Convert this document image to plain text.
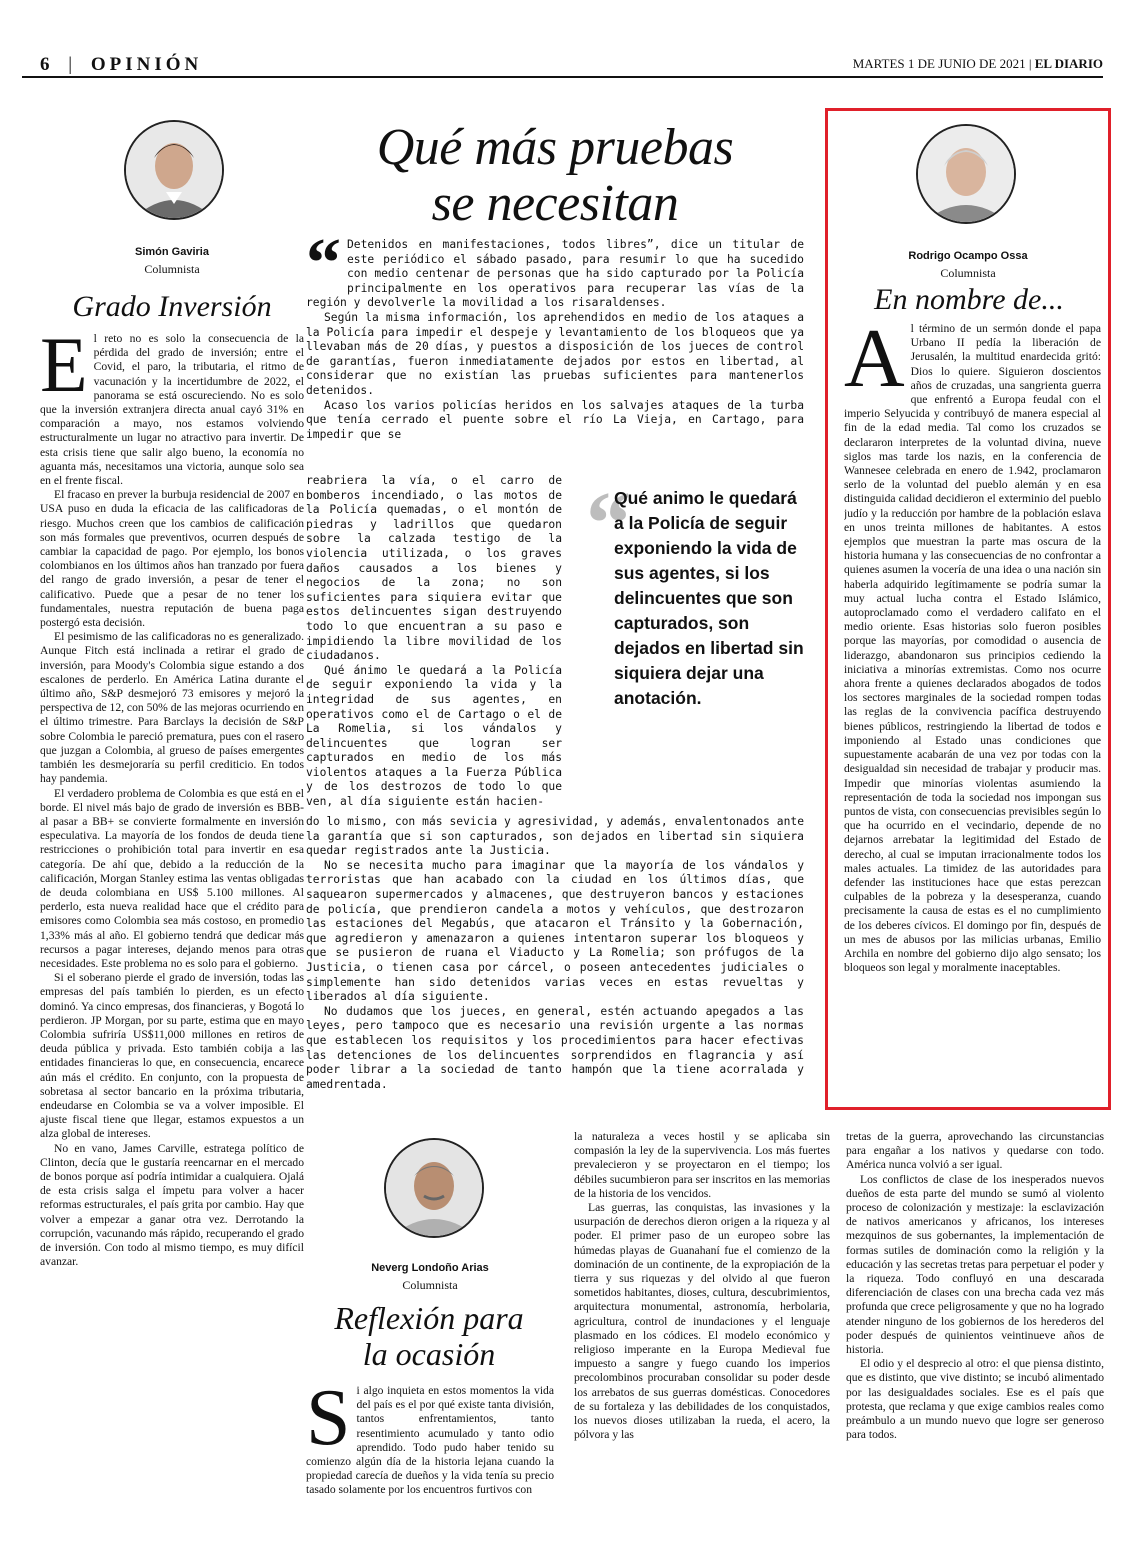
6 | OPINIÓN	MARTES 1 DE JUNIO DE 2021 | EL DIARIO
Simón Gaviria
Columnista
Grado Inversión

El reto no es solo la consecuencia de la pérdida del grado de inversión; entre el Covid, el paro, la tributaria, el ritmo de vacunación y la incertidumbre de 2022, el panorama se está oscureciendo. No es solo que la inversión extranjera directa anual cayó 31% en comparación a mayo, nos estamos volviendo estructuralmente un lugar no atractivo para invertir. De esta crisis tiene que salir algo bueno, la economía no aguanta más, necesitamos una victoria, aunque solo sea en el frente fiscal.

El fracaso en prever la burbuja residencial de 2007 en USA puso en duda la eficacia de las calificadoras de riesgo. Muchos creen que los cambios de calificación son más formales que preventivos, ocurren después de cambiar la capacidad de pago. Por ejemplo, los bonos colombianos en los últimos años han tranzado por fuera del rango de grado inversión, a pesar de tener el calificativo. Puede que a pesar de no tener los fundamentales, nuestra reputación de buena paga postergó esta decisión.

El pesimismo de las calificadoras no es generalizado. Aunque Fitch está inclinada a retirar el grado de inversión, para Moody's Colombia sigue estando a dos escalones de perderlo. En América Latina durante el último año, S&P desmejoró 73 emisores y mejoró la perspectiva de 12, con 50% de las mejoras ocurriendo en el último trimestre. Para Barclays la decisión de S&P sobre Colombia le pareció prematura, pues con el rasero que juzgan a Colombia, al grueso de países emergentes también les desmejoraría su perfil crediticio. En todos hay pandemia.

El verdadero problema de Colombia es que está en el borde. El nivel más bajo de grado de inversión es BBB- al pasar a BB+ se convierte formalmente en inversión especulativa. La mayoría de los fondos de deuda tiene restricciones o prohibición total para invertir en esa categoría. De ahí que, debido a la reducción de la calificación, Morgan Stanley estima las ventas obligadas de deuda colombiana en US$ 5.100 millones. Al perderlo, esta nueva realidad hace que el crédito para emisores como Colombia sea más costoso, en promedio 1,33% más al año. El gobierno tendrá que dedicar más recursos a pagar intereses, dejando menos para otras necesidades. Este problema no es solo para el gobierno.

Si el soberano pierde el grado de inversión, todas las empresas del país también lo pierden, es un efecto dominó. Ya cinco empresas, dos financieras, y Bogotá lo perdieron. JP Morgan, por su parte, estima que en mayo Colombia sufriría US$11,000 millones en retiros de deuda pública y privada. Esto también cobija a las entidades financieras lo que, en consecuencia, encarece aún más el crédito. En conjunto, con la propuesta de sobretasa al sector bancario en la próxima tributaria, endeudarse en Colombia se va a volver imposible. El ajuste fiscal tiene que llegar, estamos expuestos a un alza global de intereses.

No en vano, James Carville, estratega político de Clinton, decía que le gustaría reencarnar en el mercado de bonos porque así podría intimidar a cualquiera. Ojalá de esta crisis salga el ímpetu para volver a hacer reformas estructurales, el país grita por cambio. Hay que volver a empezar a ganar otra vez. Derrotando la corrupción, vacunando más rápido, recuperando el grado de inversión. Con todo al mismo tiempo, es muy difícil avanzar.

Qué más pruebas
se necesitan

“ Detenidos en manifestaciones, todos libres”, dice un titular de este periódico el sábado pasado, para resumir lo que ha sucedido con medio centenar de personas que ha sido capturado por la Policía principalmente en los operativos para recuperar las vías de la región y devolverle la movilidad a los risaraldenses.

Según la misma información, los aprehendidos en medio de los ataques a la Policía para impedir el despeje y levantamiento de los bloqueos que ya llevaban más de 20 días, y puestos a disposición de los jueces de control de garantías, fueron inmediatamente dejados por estos en libertad, al considerar que no existían las pruebas suficientes para mantenerlos detenidos.

Acaso los varios policías heridos en los salvajes ataques de la turba que tenía cerrado el puente sobre el río La Vieja, en Cartago, para impedir que se

reabriera la vía, o el carro de bomberos incendiado, o las motos de la Policía quemadas, o el montón de piedras y ladrillos que quedaron sobre la calzada testigo de la violencia utilizada, o los graves daños causados a los bienes y negocios de la zona; no son suficientes para siquiera evitar que estos delincuentes sigan destruyendo todo lo que encuentran a su paso e impidiendo la libre movilidad de los ciudadanos.

Qué ánimo le quedará a la Policía de seguir exponiendo la vida y la integridad de sus agentes, en operativos como el de Cartago o el de La Romelia, si los vándalos y delincuentes que logran ser capturados en medio de los más violentos ataques a la Fuerza Pública y de los destrozos de todo lo que ven, al día siguiente están hacien-

“
Qué animo le quedará a la Policía de seguir exponiendo la vida de sus agentes, si los delincuentes que son capturados, son dejados en libertad sin siquiera dejar una anotación.

do lo mismo, con más sevicia y agresividad, y además, envalentonados ante la garantía que si son capturados, son dejados en libertad sin siquiera quedar registrados ante la Justicia.

No se necesita mucho para imaginar que la mayoría de los vándalos y terroristas que han acabado con la ciudad en los últimos días, que saquearon supermercados y almacenes, que destruyeron bancos y estaciones de policía, que prendieron candela a motos y vehículos, que destrozaron las estaciones del Megabús, que atacaron el Tránsito y la Gobernación, que agredieron y amenazaron a quienes intentaron superar los bloqueos y que se pusieron de ruana el Viaducto y La Romelia; son prófugos de la Justicia, o tienen casa por cárcel, o poseen antecedentes judiciales o simplemente han sido detenidos varias veces en estas revueltas y liberados al día siguiente.

No dudamos que los jueces, en general, estén actuando apegados a las leyes, pero tampoco que es necesario una revisión urgente a las normas que establecen los requisitos y los procedimientos para hacer efectivas las detenciones de los delincuentes sorprendidos en flagrancia y así poder librar a la sociedad de tanto hampón que la tiene acorralada y amedrentada.

Rodrigo Ocampo Ossa
Columnista
En nombre de...

Al término de un sermón donde el papa Urbano II pedía la liberación de Jerusalén, la multitud enardecida gritó: Dios lo quiere. Siguieron doscientos años de cruzadas, una sangrienta guerra que enfrentó a Europa feudal con el imperio Selyucida y contribuyó de manera especial al fin de la edad media. Tal como los cruzados se declararon interpretes de la voluntad divina, nueve siglos mas tarde los nazis, en la conferencia de Wannesee celebrada en enero de 1.942, proclamaron serlo de la voluntad del pueblo alemán y en esa distinguida calidad decidieron el exterminio del pueblo judío y la reducción por hambre de la población eslava en unos treinta millones de habitantes. A estos ejemplos que muestran la parte mas oscura de la historia humana y las consecuencias de no confrontar a quienes asumen la vocería de una idea o una nación sin haberla adquirido legítimamente se podría sumar la muy actual lucha contra el Estado Islámico, autoproclamado como el verdadero califato en el medio oriente. Esas historias solo fueron posibles porque las mayorías, por comodidad o ausencia de liderazgo, abandonaron sus principios cediendo la iniciativa a minorías extremistas. Como nos ocurre ahora frente a quienes declarados abogados de todos los sectores marginales de la sociedad rompen todas las reglas de la convivencia pacífica destruyendo bienes públicos, restringiendo la libertad de todos e imponiendo al Estado unas condiciones que supuestamente acabarán de una vez por todas con la desigualdad sin necesidad de trabajar y producir mas. Impedir que minorías violentas asumiendo la representación de toda la sociedad nos impongan sus puntos de vista, con consecuencias previsibles según lo que ha ocurrido en el vecindario, depende de no dejarnos arrebatar la legitimidad del Estado de derecho, al cual se imputan irracionalmente todos los males actuales. La timidez de las autoridades para defender las instituciones hace que estas perezcan culpables de la pobreza y la desesperanza, cuando precisamente la causa de estas es el no cumplimiento de los deberes cívicos. El domingo por fin, después de un mes de abusos por las milicias urbanas, Emilio Archila en nombre del gobierno dijo algo sensato; los bloqueos son legal y moralmente inaceptables.

Neverg Londoño Arias
Columnista
Reflexión para
la ocasión

Si algo inquieta en estos momentos la vida del país es el por qué existe tanta división, tantos enfrentamientos, tanto resentimiento acumulado y tanto odio aprendido. Todo pudo haber tenido su comienzo algún día de la historia lejana cuando la propiedad carecía de dueños y la vida tenía su precio tasado solamente por los encuentros furtivos con

la naturaleza a veces hostil y se aplicaba sin compasión la ley de la supervivencia. Los más fuertes prevalecieron y se proyectaron en el tiempo; los débiles sucumbieron para ser inscritos en las memorias de la historia de los vencidos.

Las guerras, las conquistas, las invasiones y la usurpación de derechos dieron origen a la riqueza y al poder. El primer paso de un europeo sobre las húmedas playas de Guanahaní fue el comienzo de la dominación de un continente, de la expropiación de la tierra y sus riquezas y del olvido al que fueron sometidos habitantes, dioses, cultura, descubrimientos, arquitectura monumental, astronomía, herbolaria, agricultura, control de inundaciones y el lenguaje plasmado en los códices. El modelo económico y religioso imperante en la Europa Medieval fue impuesto a sangre y fuego cuando los imperios precolombinos procuraban consolidar su poder desde los arrebatos de sus guerras domésticas. Conocedores de su fortaleza y las debilidades de los conquistados, los nuevos dioses utilizaban la rueda, el acero, la pólvora y las

tretas de la guerra, aprovechando las circunstancias para engañar a los nativos y quedarse con todo. América nunca volvió a ser igual.

Los conflictos de clase de los inesperados nuevos dueños de esta parte del mundo se sumó al violento proceso de colonización y mestizaje: la esclavización de nativos americanos y africanos, los intereses mezquinos de sus gobernantes, la implementación de formas sutiles de dominación como la religión y la educación y las secretas tretas para perpetuar el poder y la riqueza. Todo confluyó en una descarada diferenciación de clases con una brecha cada vez más profunda que crece peligrosamente y que no ha logrado atender ninguno de los gobiernos de los herederos del poder después de quinientos veintinueve años de historia.

El odio y el desprecio al otro: el que piensa distinto, que es distinto, que vive distinto; se incubó alimentado por las desigualdades sociales. Ese es el país que protesta, que reclama y que exige cambios reales como preámbulo a un mundo nuevo que logre ser generoso para todos.
